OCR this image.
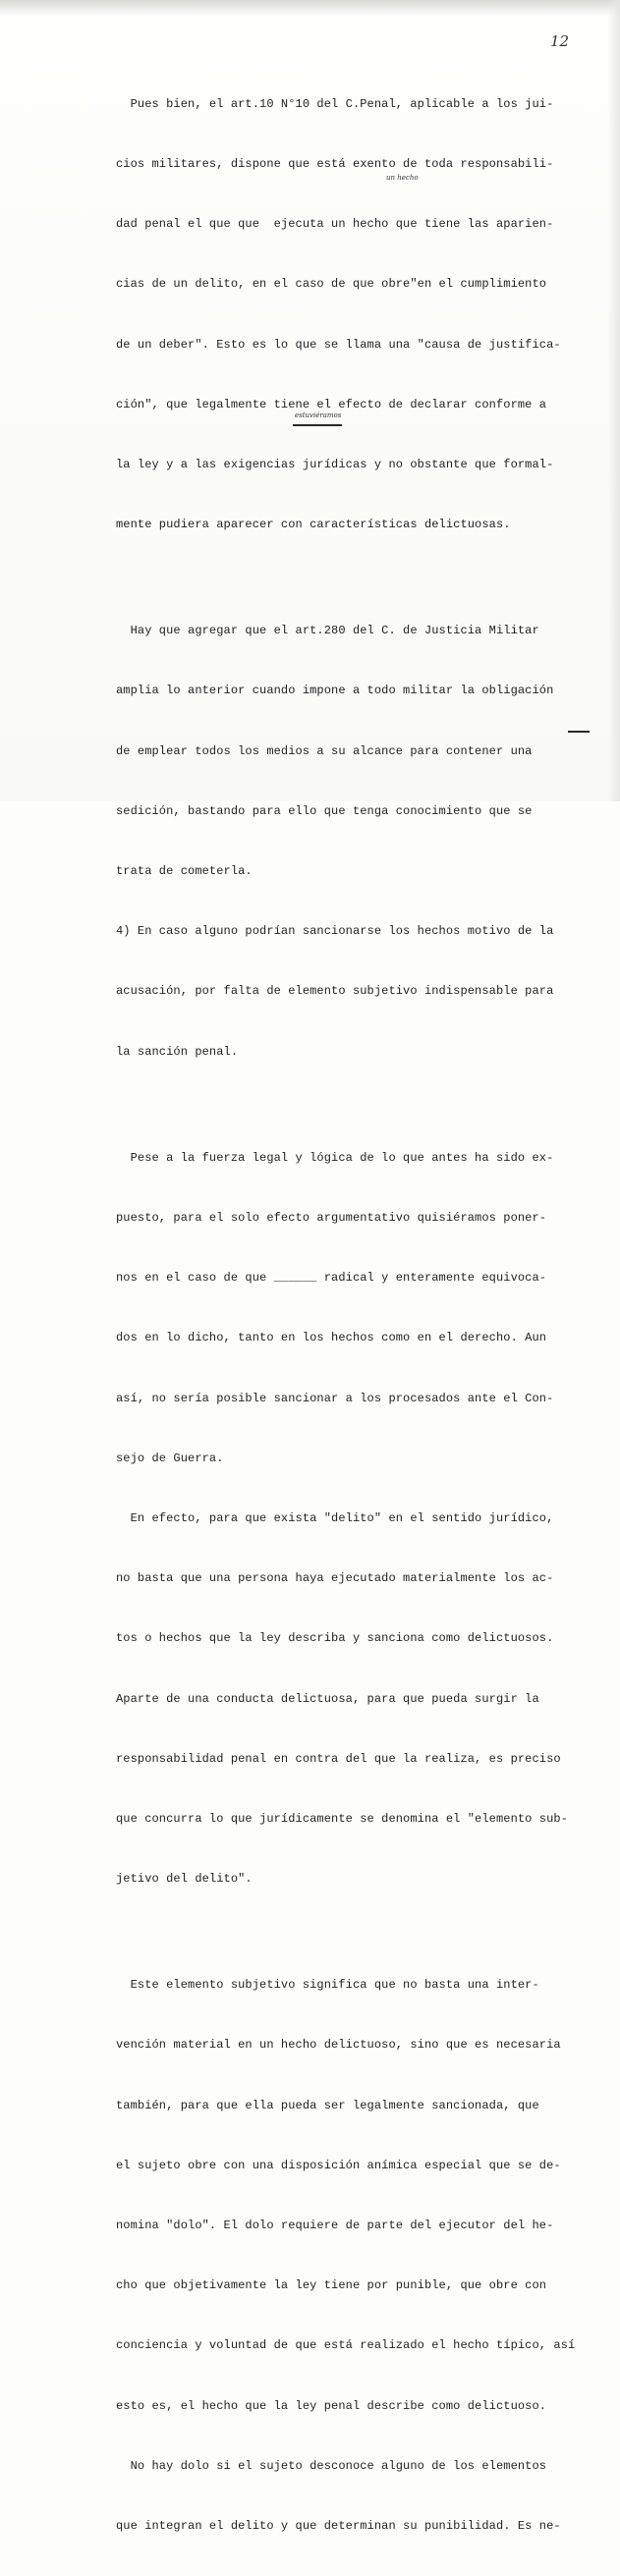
12

Pues bien, el art.10 N°10 del C.Penal, aplicable a los jui-

cios militares, dispone que está exento de toda responsabili-

dad penal el que que  ejecuta un hecho que tiene las aparien-

cias de un delito, en el caso de que obre"en el cumplimiento

de un deber". Esto es lo que se llama una "causa de justifica-

ción", que legalmente tiene el efecto de declarar conforme a

la ley y a las exigencias jurídicas y no obstante que formal-

mente pudiera aparecer con características delictuosas.

Hay que agregar que el art.280 del C. de Justicia Militar

amplia lo anterior cuando impone a todo militar la obligación

de emplear todos los medios a su alcance para contener una

sedición, bastando para ello que tenga conocimiento que se

trata de cometerla.

4) En caso alguno podrían sancionarse los hechos motivo de la

acusación, por falta de elemento subjetivo indispensable para

la sanción penal.

Pese a la fuerza legal y lógica de lo que antes ha sido ex-

puesto, para el solo efecto argumentativo quisiéramos poner-

nos en el caso de que ______ radical y enteramente equivoca-

dos en lo dicho, tanto en los hechos como en el derecho. Aun

así, no sería posible sancionar a los procesados ante el Con-

sejo de Guerra.

En efecto, para que exista "delito" en el sentido jurídico,

no basta que una persona haya ejecutado materialmente los ac-

tos o hechos que la ley describa y sanciona como delictuosos.

Aparte de una conducta delictuosa, para que pueda surgir la

responsabilidad penal en contra del que la realiza, es preciso

que concurra lo que jurídicamente se denomina el "elemento sub-

jetivo del delito".

Este elemento subjetivo significa que no basta una inter-

vención material en un hecho delictuoso, sino que es necesaria

también, para que ella pueda ser legalmente sancionada, que

el sujeto obre con una disposición anímica especial que se de-

nomina "dolo". El dolo requiere de parte del ejecutor del he-

cho que objetivamente la ley tiene por punible, que obre con

conciencia y voluntad de que está realizado el hecho típico, así

esto es, el hecho que la ley penal describe como delictuoso.

No hay dolo si el sujeto desconoce alguno de los elementos

que integran el delito y que determinan su punibilidad. Es ne-

un hecho
estuviéramos
